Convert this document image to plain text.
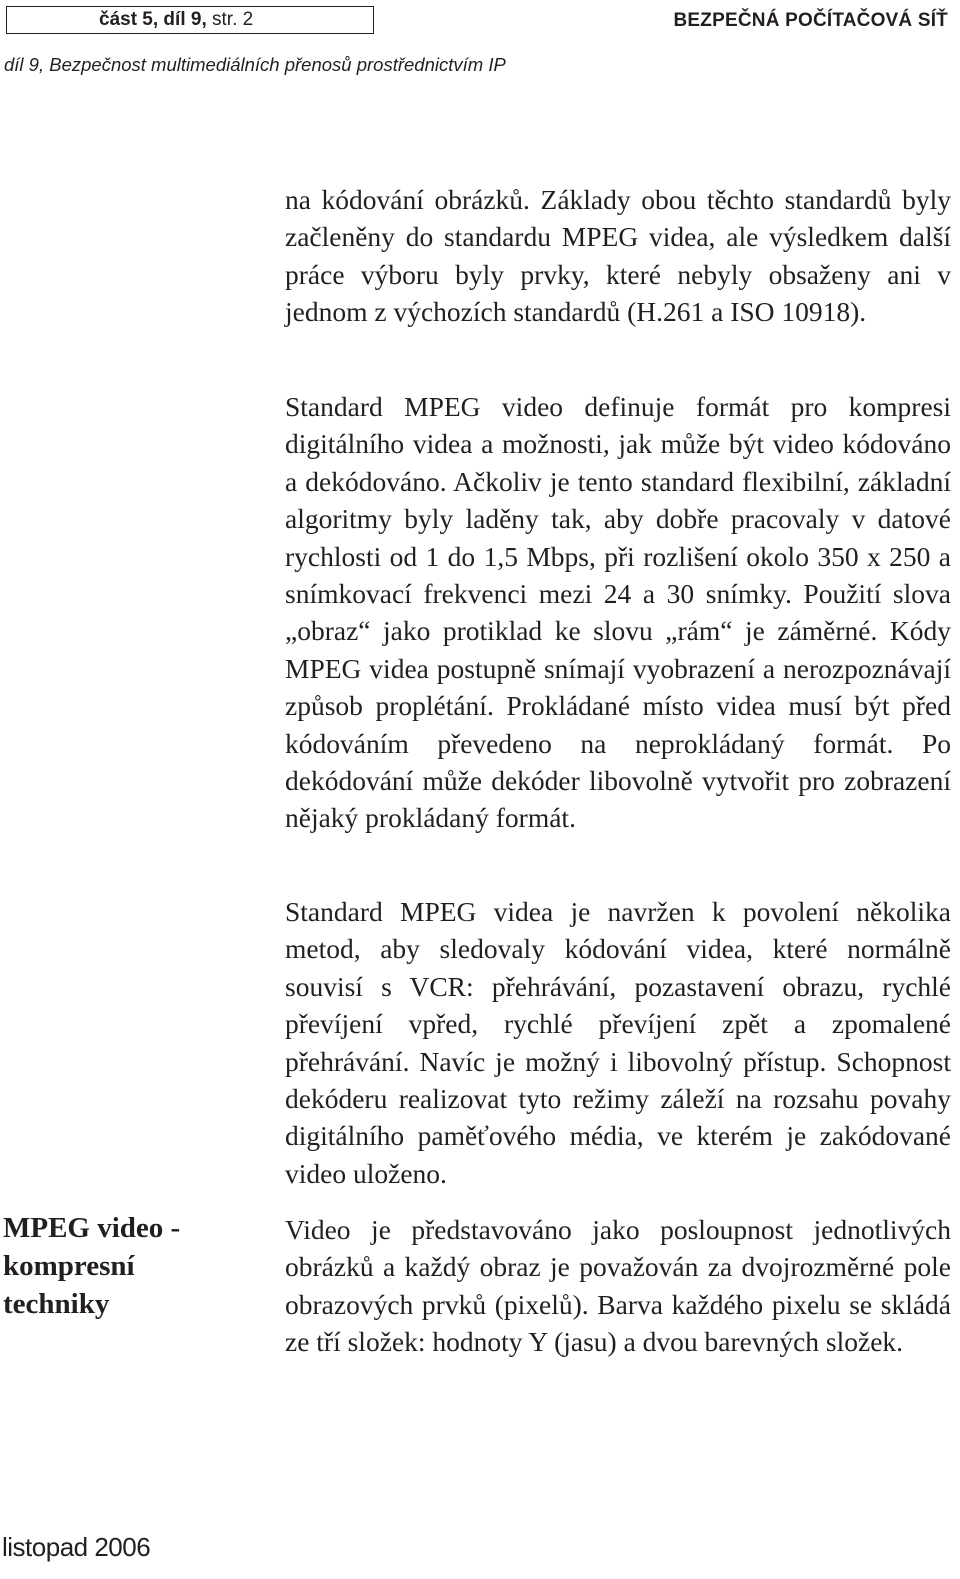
část 5, díl 9, str. 2	BEZPEČNÁ POČÍTAČOVÁ SÍŤ
díl 9, Bezpečnost multimediálních přenosů prostřednictvím IP

na kódování obrázků. Základy obou těchto standardů byly začleněny do standardu MPEG videa, ale výsledkem další práce výboru byly prvky, které nebyly obsaženy ani v jednom z výchozích standardů (H.261 a ISO 10918).

Standard MPEG video definuje formát pro kompresi digitálního videa a možnosti, jak může být video kódováno a dekódováno. Ačkoliv je tento standard flexibilní, základní algoritmy byly laděny tak, aby dobře pracovaly v datové rychlosti od 1 do 1,5 Mbps, při rozlišení okolo 350 x 250 a snímkovací frekvenci mezi 24 a 30 snímky. Použití slova „obraz“ jako protiklad ke slovu „rám“ je záměrné. Kódy MPEG videa postupně snímají vyobrazení a nerozpoznávají způsob proplétání. Prokládané místo videa musí být před kódováním převedeno na neprokládaný formát. Po dekódování může dekóder libovolně vytvořit pro zobrazení nějaký prokládaný formát.

Standard MPEG videa je navržen k povolení několika metod, aby sledovaly kódování videa, které normálně souvisí s VCR: přehrávání, pozastavení obrazu, rychlé převíjení vpřed, rychlé převíjení zpět a zpomalené přehrávání. Navíc je možný i libovolný přístup. Schopnost dekóderu realizovat tyto režimy záleží na rozsahu povahy digitálního paměťového média, ve kterém je zakódované video uloženo.

MPEG video -
kompresní
techniky

Video je představováno jako posloupnost jednotlivých obrázků a každý obraz je považován za dvojrozměrné pole obrazových prvků (pixelů). Barva každého pixelu se skládá ze tří složek: hodnoty Y (jasu) a dvou barevných složek.

listopad 2006
